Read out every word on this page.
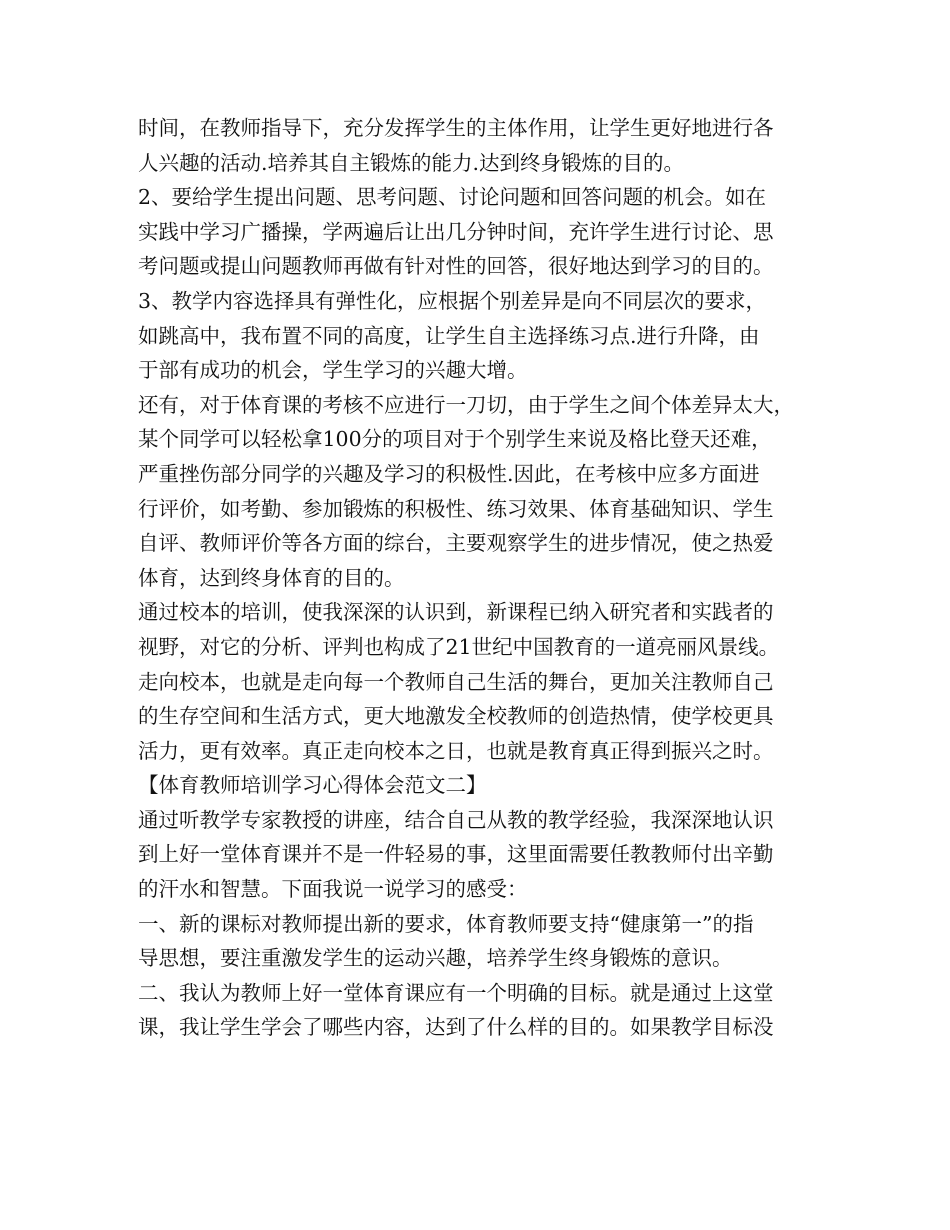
时间，在教师指导下，充分发挥学生的主体作用，让学生更好地进行各
人兴趣的活动.培养其自主锻炼的能力.达到终身锻炼的目的。
2、要给学生提出问题、思考问题、讨论问题和回答问题的机会。如在
实践中学习广播操，学两遍后让出几分钟时间，充许学生进行讨论、思
考问题或提山问题教师再做有针对性的回答，很好地达到学习的目的。
3、教学内容选择具有弹性化，应根据个别差异是向不同层次的要求，
如跳高中，我布置不同的高度，让学生自主选择练习点.进行升降，由
于部有成功的机会，学生学习的兴趣大增。
还有，对于体育课的考核不应进行一刀切，由于学生之间个体差异太大，
某个同学可以轻松拿100分的项目对于个别学生来说及格比登天还难，
严重挫伤部分同学的兴趣及学习的积极性.因此，在考核中应多方面进
行评价，如考勤、参加锻炼的积极性、练习效果、体育基础知识、学生
自评、教师评价等各方面的综台，主要观察学生的进步情况，使之热爱
体育，达到终身体育的目的。
通过校本的培训，使我深深的认识到，新课程已纳入研究者和实践者的
视野，对它的分析、评判也构成了21世纪中国教育的一道亮丽风景线。
走向校本，也就是走向每一个教师自己生活的舞台，更加关注教师自己
的生存空间和生活方式，更大地激发全校教师的创造热情，使学校更具
活力，更有效率。真正走向校本之日，也就是教育真正得到振兴之时。
【体育教师培训学习心得体会范文二】
通过听教学专家教授的讲座，结合自己从教的教学经验，我深深地认识
到上好一堂体育课并不是一件轻易的事，这里面需要任教教师付出辛勤
的汗水和智慧。下面我说一说学习的感受：
一、新的课标对教师提出新的要求，体育教师要支持“健康第一”的指
导思想，要注重激发学生的运动兴趣，培养学生终身锻炼的意识。
二、我认为教师上好一堂体育课应有一个明确的目标。就是通过上这堂
课，我让学生学会了哪些内容，达到了什么样的目的。如果教学目标没
